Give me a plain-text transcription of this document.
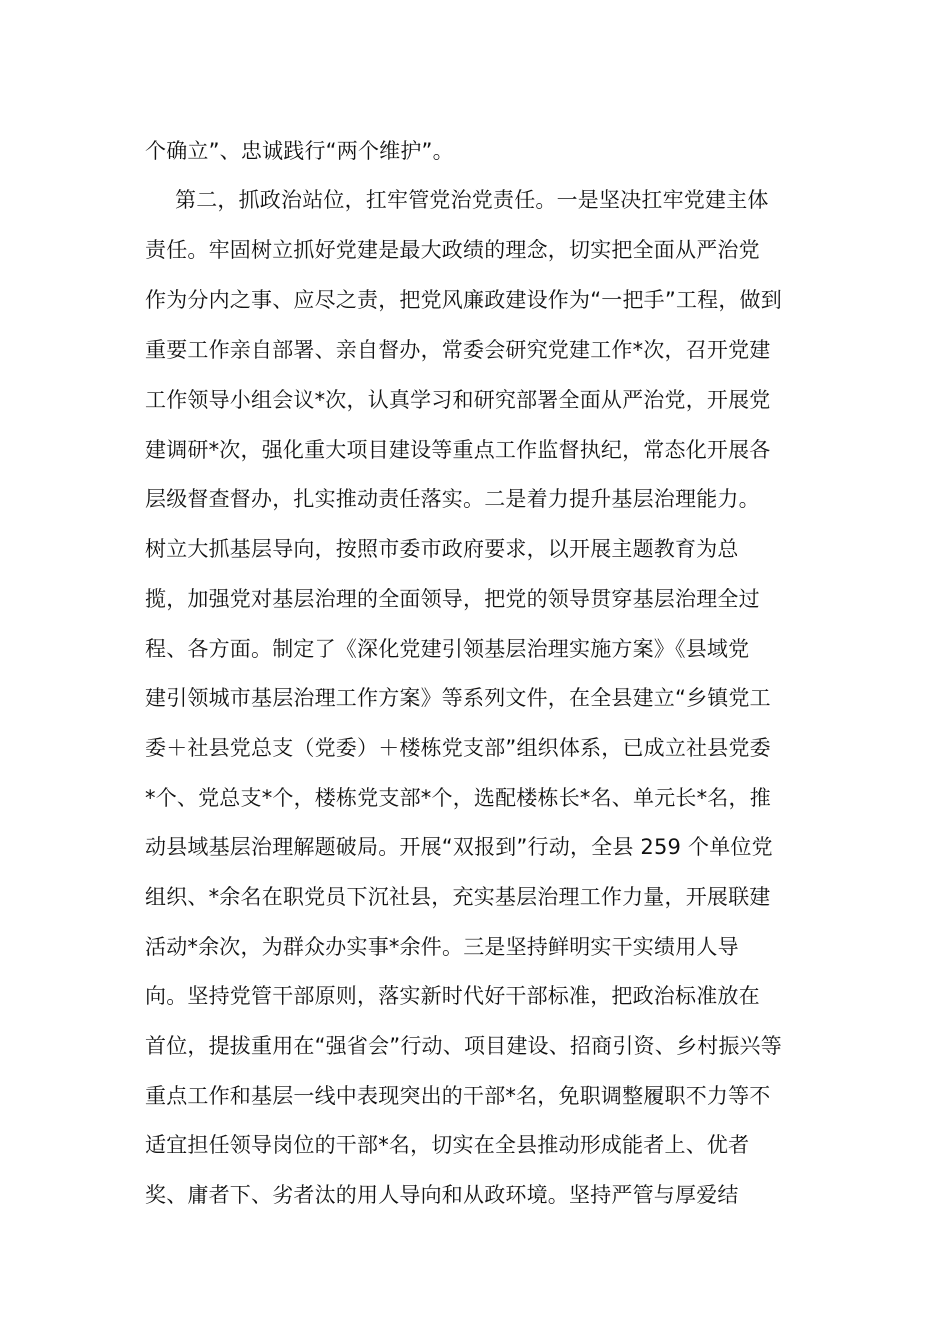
个确立”、忠诚践行“两个维护”。
第二，抓政治站位，扛牢管党治党责任。一是坚决扛牢党建主体
责任。牢固树立抓好党建是最大政绩的理念，切实把全面从严治党
作为分内之事、应尽之责，把党风廉政建设作为“一把手”工程，做到
重要工作亲自部署、亲自督办，常委会研究党建工作*次，召开党建
工作领导小组会议*次，认真学习和研究部署全面从严治党，开展党
建调研*次，强化重大项目建设等重点工作监督执纪，常态化开展各
层级督查督办，扎实推动责任落实。二是着力提升基层治理能力。
树立大抓基层导向，按照市委市政府要求，以开展主题教育为总
揽，加强党对基层治理的全面领导，把党的领导贯穿基层治理全过
程、各方面。制定了《深化党建引领基层治理实施方案》《县域党
建引领城市基层治理工作方案》等系列文件，在全县建立“乡镇党工
委＋社县党总支（党委）＋楼栋党支部”组织体系，已成立社县党委
*个、党总支*个，楼栋党支部*个，选配楼栋长*名、单元长*名，推
动县域基层治理解题破局。开展“双报到”行动，全县 259 个单位党
组织、*余名在职党员下沉社县，充实基层治理工作力量，开展联建
活动*余次，为群众办实事*余件。三是坚持鲜明实干实绩用人导
向。坚持党管干部原则，落实新时代好干部标准，把政治标准放在
首位，提拔重用在“强省会”行动、项目建设、招商引资、乡村振兴等
重点工作和基层一线中表现突出的干部*名，免职调整履职不力等不
适宜担任领导岗位的干部*名，切实在全县推动形成能者上、优者
奖、庸者下、劣者汰的用人导向和从政环境。坚持严管与厚爱结
